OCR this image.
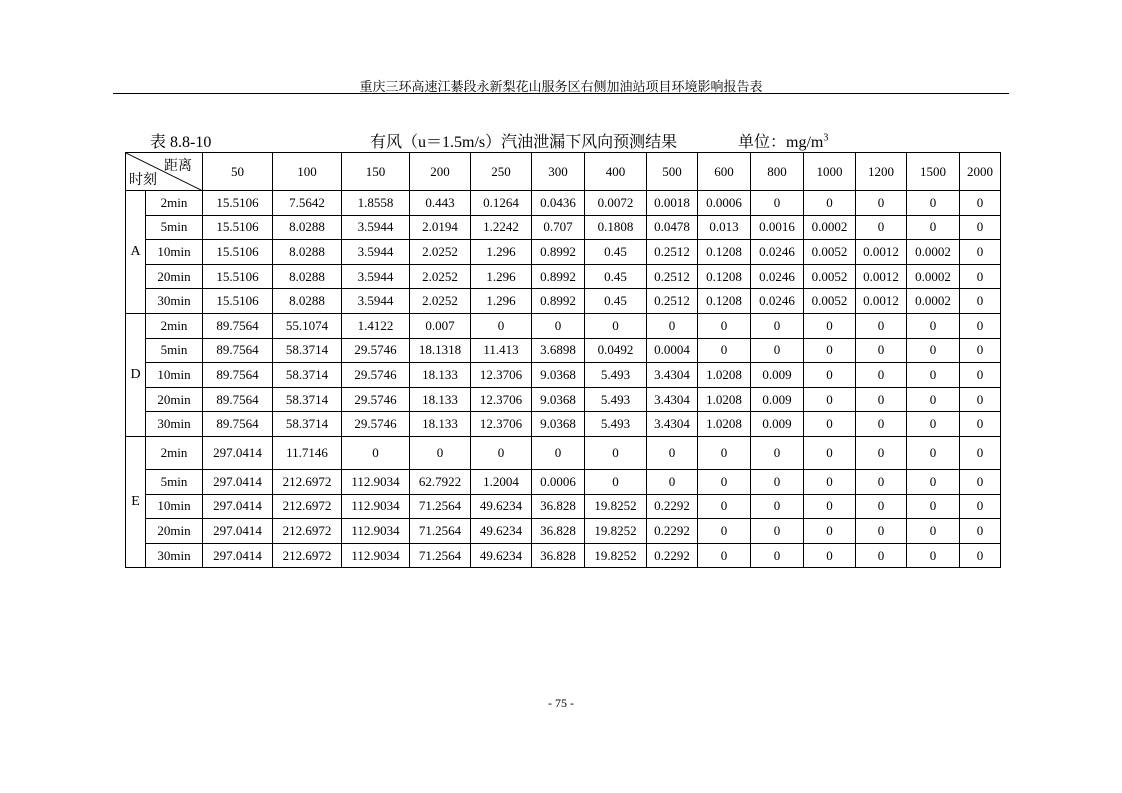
重庆三环高速江綦段永新梨花山服务区右侧加油站项目环境影响报告表
表 8.8-10	有风（u＝1.5m/s）汽油泄漏下风向预测结果	单位：$mg/m^3$
距离
时刻		50	100	150	200	250	300	400	500	600	800	1000	1200	1500	2000
A	2min	15.5106	7.5642	1.8558	0.443	0.1264	0.0436	0.0072	0.0018	0.0006	0	0	0	0	0
	5min	15.5106	8.0288	3.5944	2.0194	1.2242	0.707	0.1808	0.0478	0.013	0.0016	0.0002	0	0	0
	10min	15.5106	8.0288	3.5944	2.0252	1.296	0.8992	0.45	0.2512	0.1208	0.0246	0.0052	0.0012	0.0002	0
	20min	15.5106	8.0288	3.5944	2.0252	1.296	0.8992	0.45	0.2512	0.1208	0.0246	0.0052	0.0012	0.0002	0
	30min	15.5106	8.0288	3.5944	2.0252	1.296	0.8992	0.45	0.2512	0.1208	0.0246	0.0052	0.0012	0.0002	0
D	2min	89.7564	55.1074	1.4122	0.007	0	0	0	0	0	0	0	0	0	0
	5min	89.7564	58.3714	29.5746	18.1318	11.413	3.6898	0.0492	0.0004	0	0	0	0	0	0
	10min	89.7564	58.3714	29.5746	18.133	12.3706	9.0368	5.493	3.4304	1.0208	0.009	0	0	0	0
	20min	89.7564	58.3714	29.5746	18.133	12.3706	9.0368	5.493	3.4304	1.0208	0.009	0	0	0	0
	30min	89.7564	58.3714	29.5746	18.133	12.3706	9.0368	5.493	3.4304	1.0208	0.009	0	0	0	0
E	2min	297.0414	11.7146	0	0	0	0	0	0	0	0	0	0	0	0
	5min	297.0414	212.6972	112.9034	62.7922	1.2004	0.0006	0	0	0	0	0	0	0	0
	10min	297.0414	212.6972	112.9034	71.2564	49.6234	36.828	19.8252	0.2292	0	0	0	0	0	0
	20min	297.0414	212.6972	112.9034	71.2564	49.6234	36.828	19.8252	0.2292	0	0	0	0	0	0
	30min	297.0414	212.6972	112.9034	71.2564	49.6234	36.828	19.8252	0.2292	0	0	0	0	0	0
- 75 -
